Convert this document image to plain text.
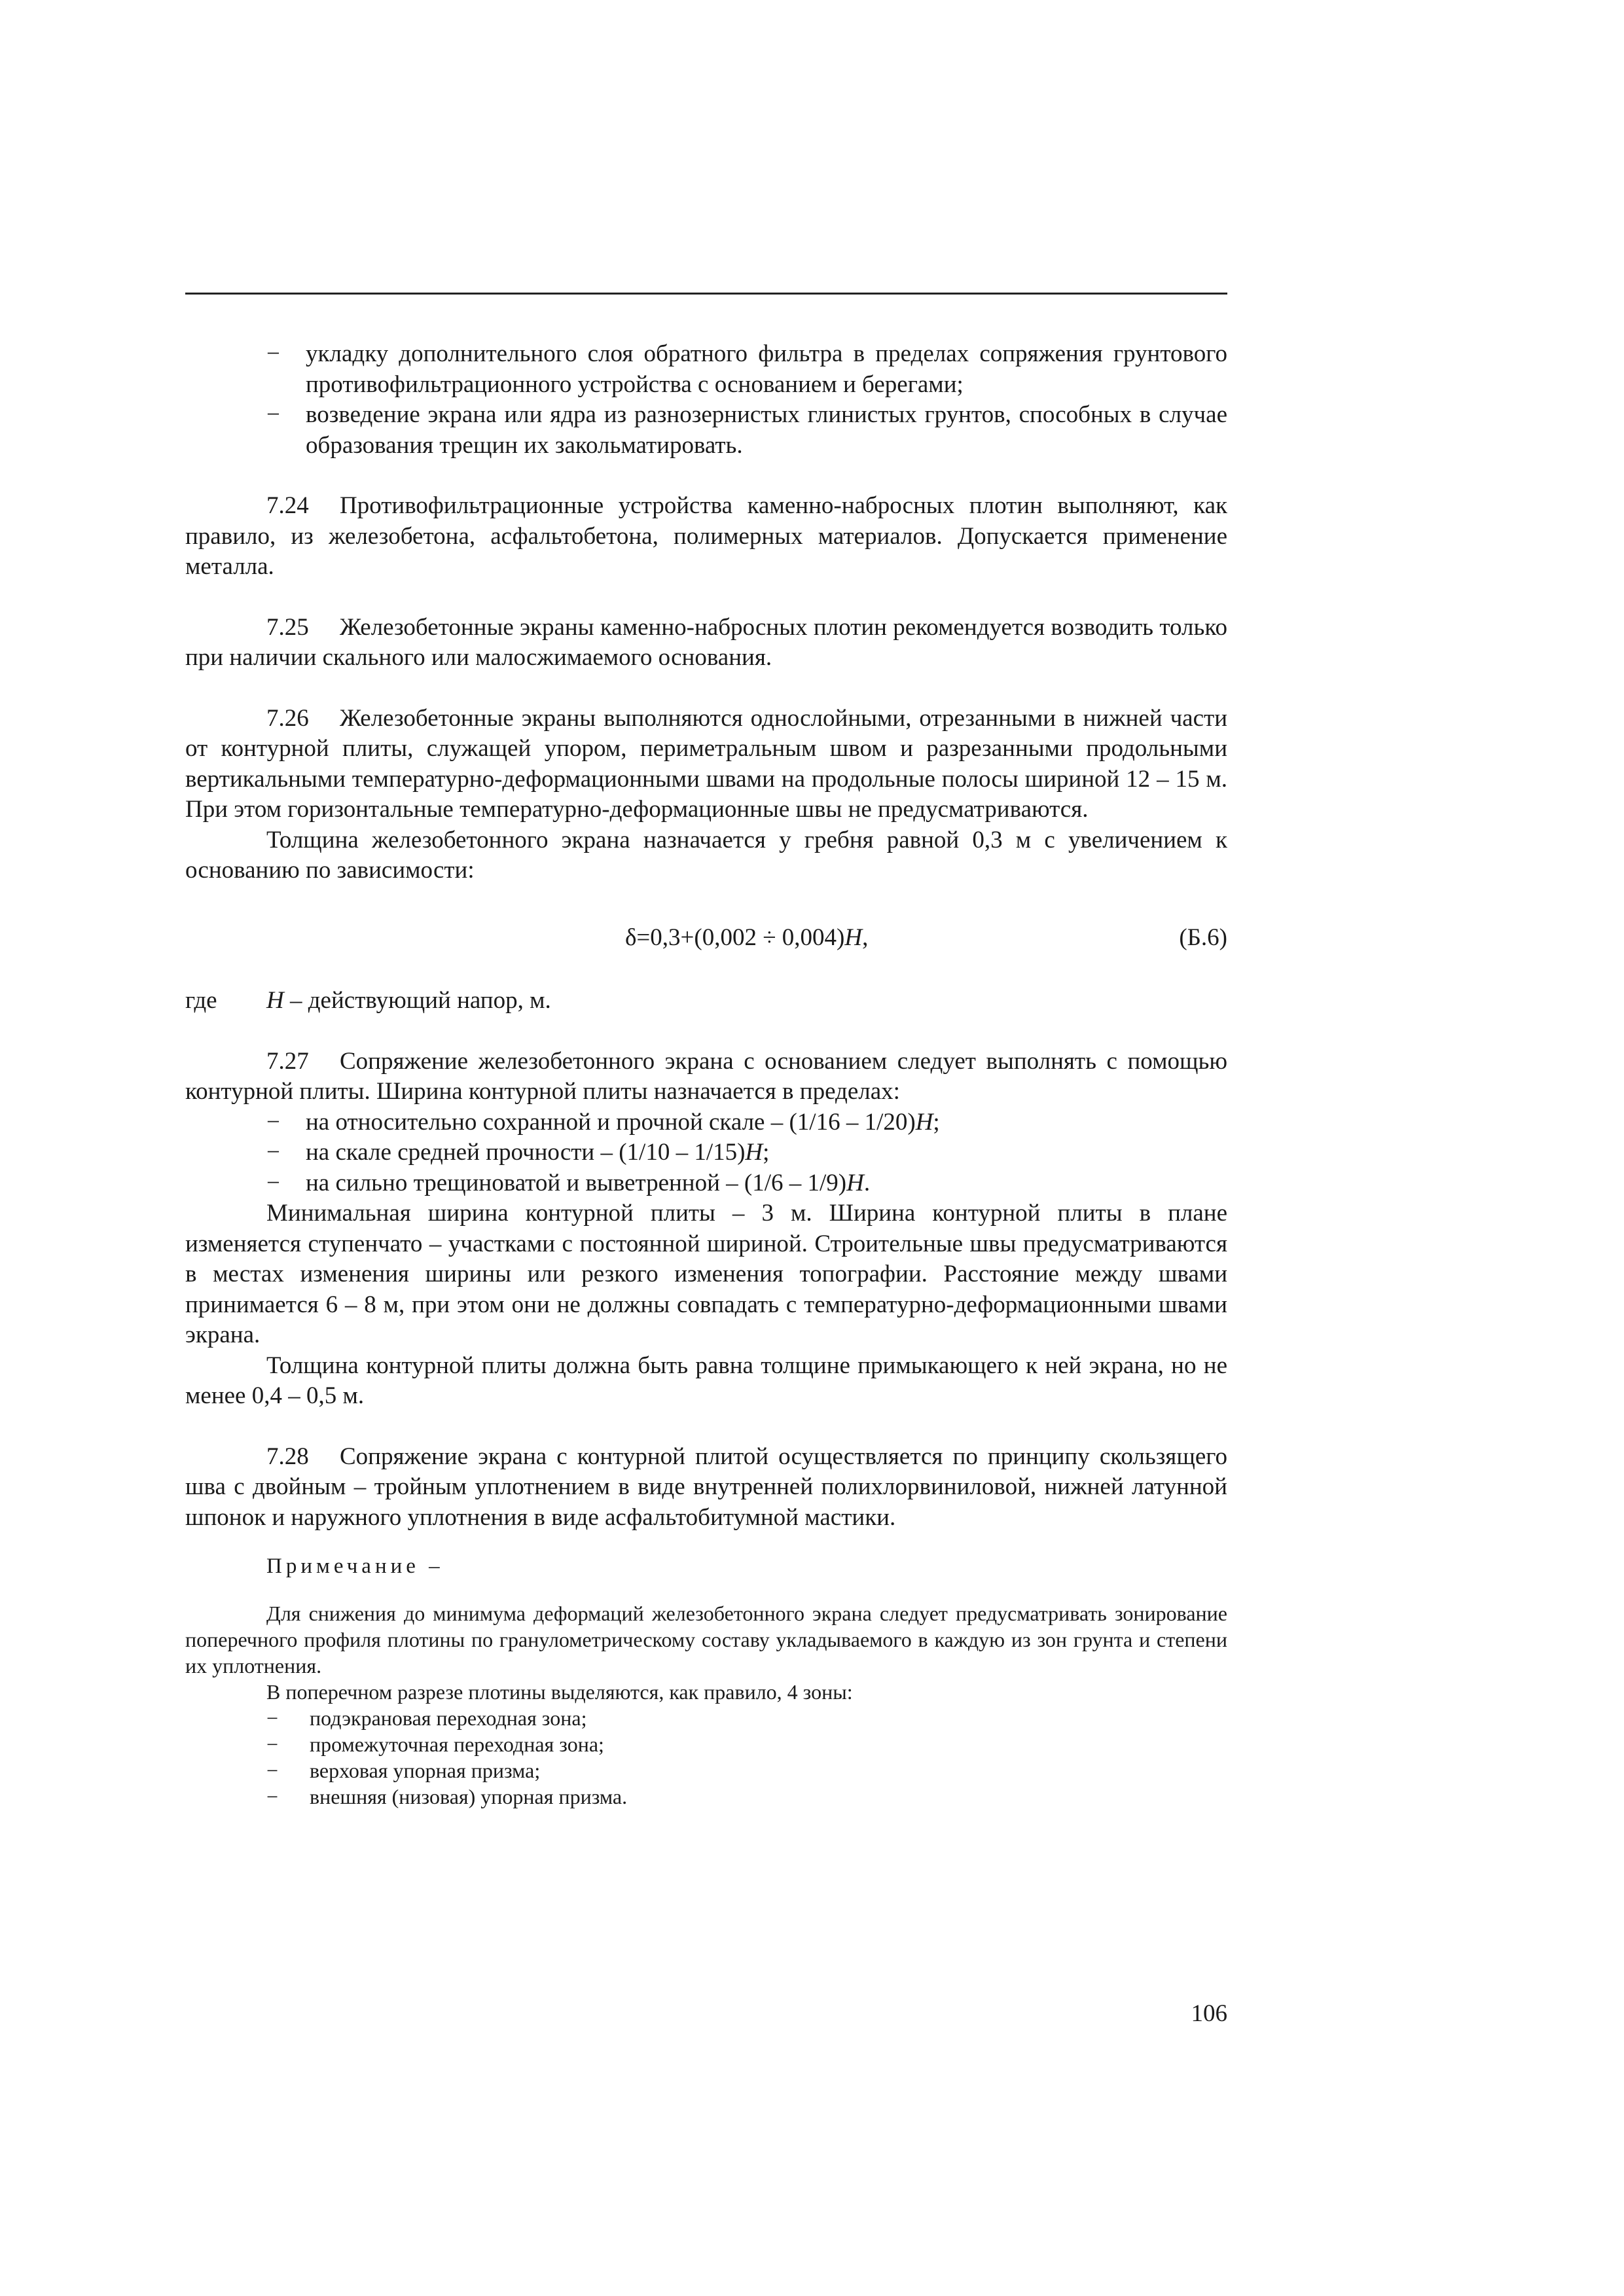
−	укладку дополнительного слоя обратного фильтра в пределах сопряжения грунтового противофильтрационного устройства с основанием и берегами;
−	возведение экрана или ядра из разнозернистых глинистых грунтов, способных в случае образования трещин их закольматировать.

7.24 Противофильтрационные устройства каменно-набросных плотин выполняют, как правило, из железобетона, асфальтобетона, полимерных материалов. Допускается применение металла.

7.25 Железобетонные экраны каменно-набросных плотин рекомендуется возводить только при наличии скального или малосжимаемого основания.

7.26 Железобетонные экраны выполняются однослойными, отрезанными в нижней части от контурной плиты, служащей упором, периметральным швом и разрезанными продольными вертикальными температурно-деформационными швами на продольные полосы шириной 12 – 15 м. При этом горизонтальные температурно-деформационные швы не предусматриваются.

Толщина железобетонного экрана назначается у гребня равной 0,3 м с увеличением к основанию по зависимости:

δ=0,3+(0,002 ÷ 0,004)H,	(Б.6)
где	H – действующий напор, м.

7.27 Сопряжение железобетонного экрана с основанием следует выполнять с помощью контурной плиты. Ширина контурной плиты назначается в пределах:

−	на относительно сохранной и прочной скале – (1/16 – 1/20)H;
−	на скале средней прочности – (1/10 – 1/15)H;
−	на сильно трещиноватой и выветренной – (1/6 – 1/9)H.

Минимальная ширина контурной плиты – 3 м. Ширина контурной плиты в плане изменяется ступенчато – участками с постоянной шириной. Строительные швы предусматриваются в местах изменения ширины или резкого изменения топографии. Расстояние между швами принимается 6 – 8 м, при этом они не должны совпадать с температурно-деформационными швами экрана.

Толщина контурной плиты должна быть равна толщине примыкающего к ней экрана, но не менее 0,4 – 0,5 м.

7.28 Сопряжение экрана с контурной плитой осуществляется по принципу скользящего шва с двойным – тройным уплотнением в виде внутренней полихлорвиниловой, нижней латунной шпонок и наружного уплотнения в виде асфальтобитумной мастики.

Примечание –

Для снижения до минимума деформаций железобетонного экрана следует предусматривать зонирование поперечного профиля плотины по гранулометрическому составу укладываемого в каждую из зон грунта и степени их уплотнения.

В поперечном разрезе плотины выделяются, как правило, 4 зоны:

−	подэкрановая переходная зона;
−	промежуточная переходная зона;
−	верховая упорная призма;
−	внешняя (низовая) упорная призма.
106
